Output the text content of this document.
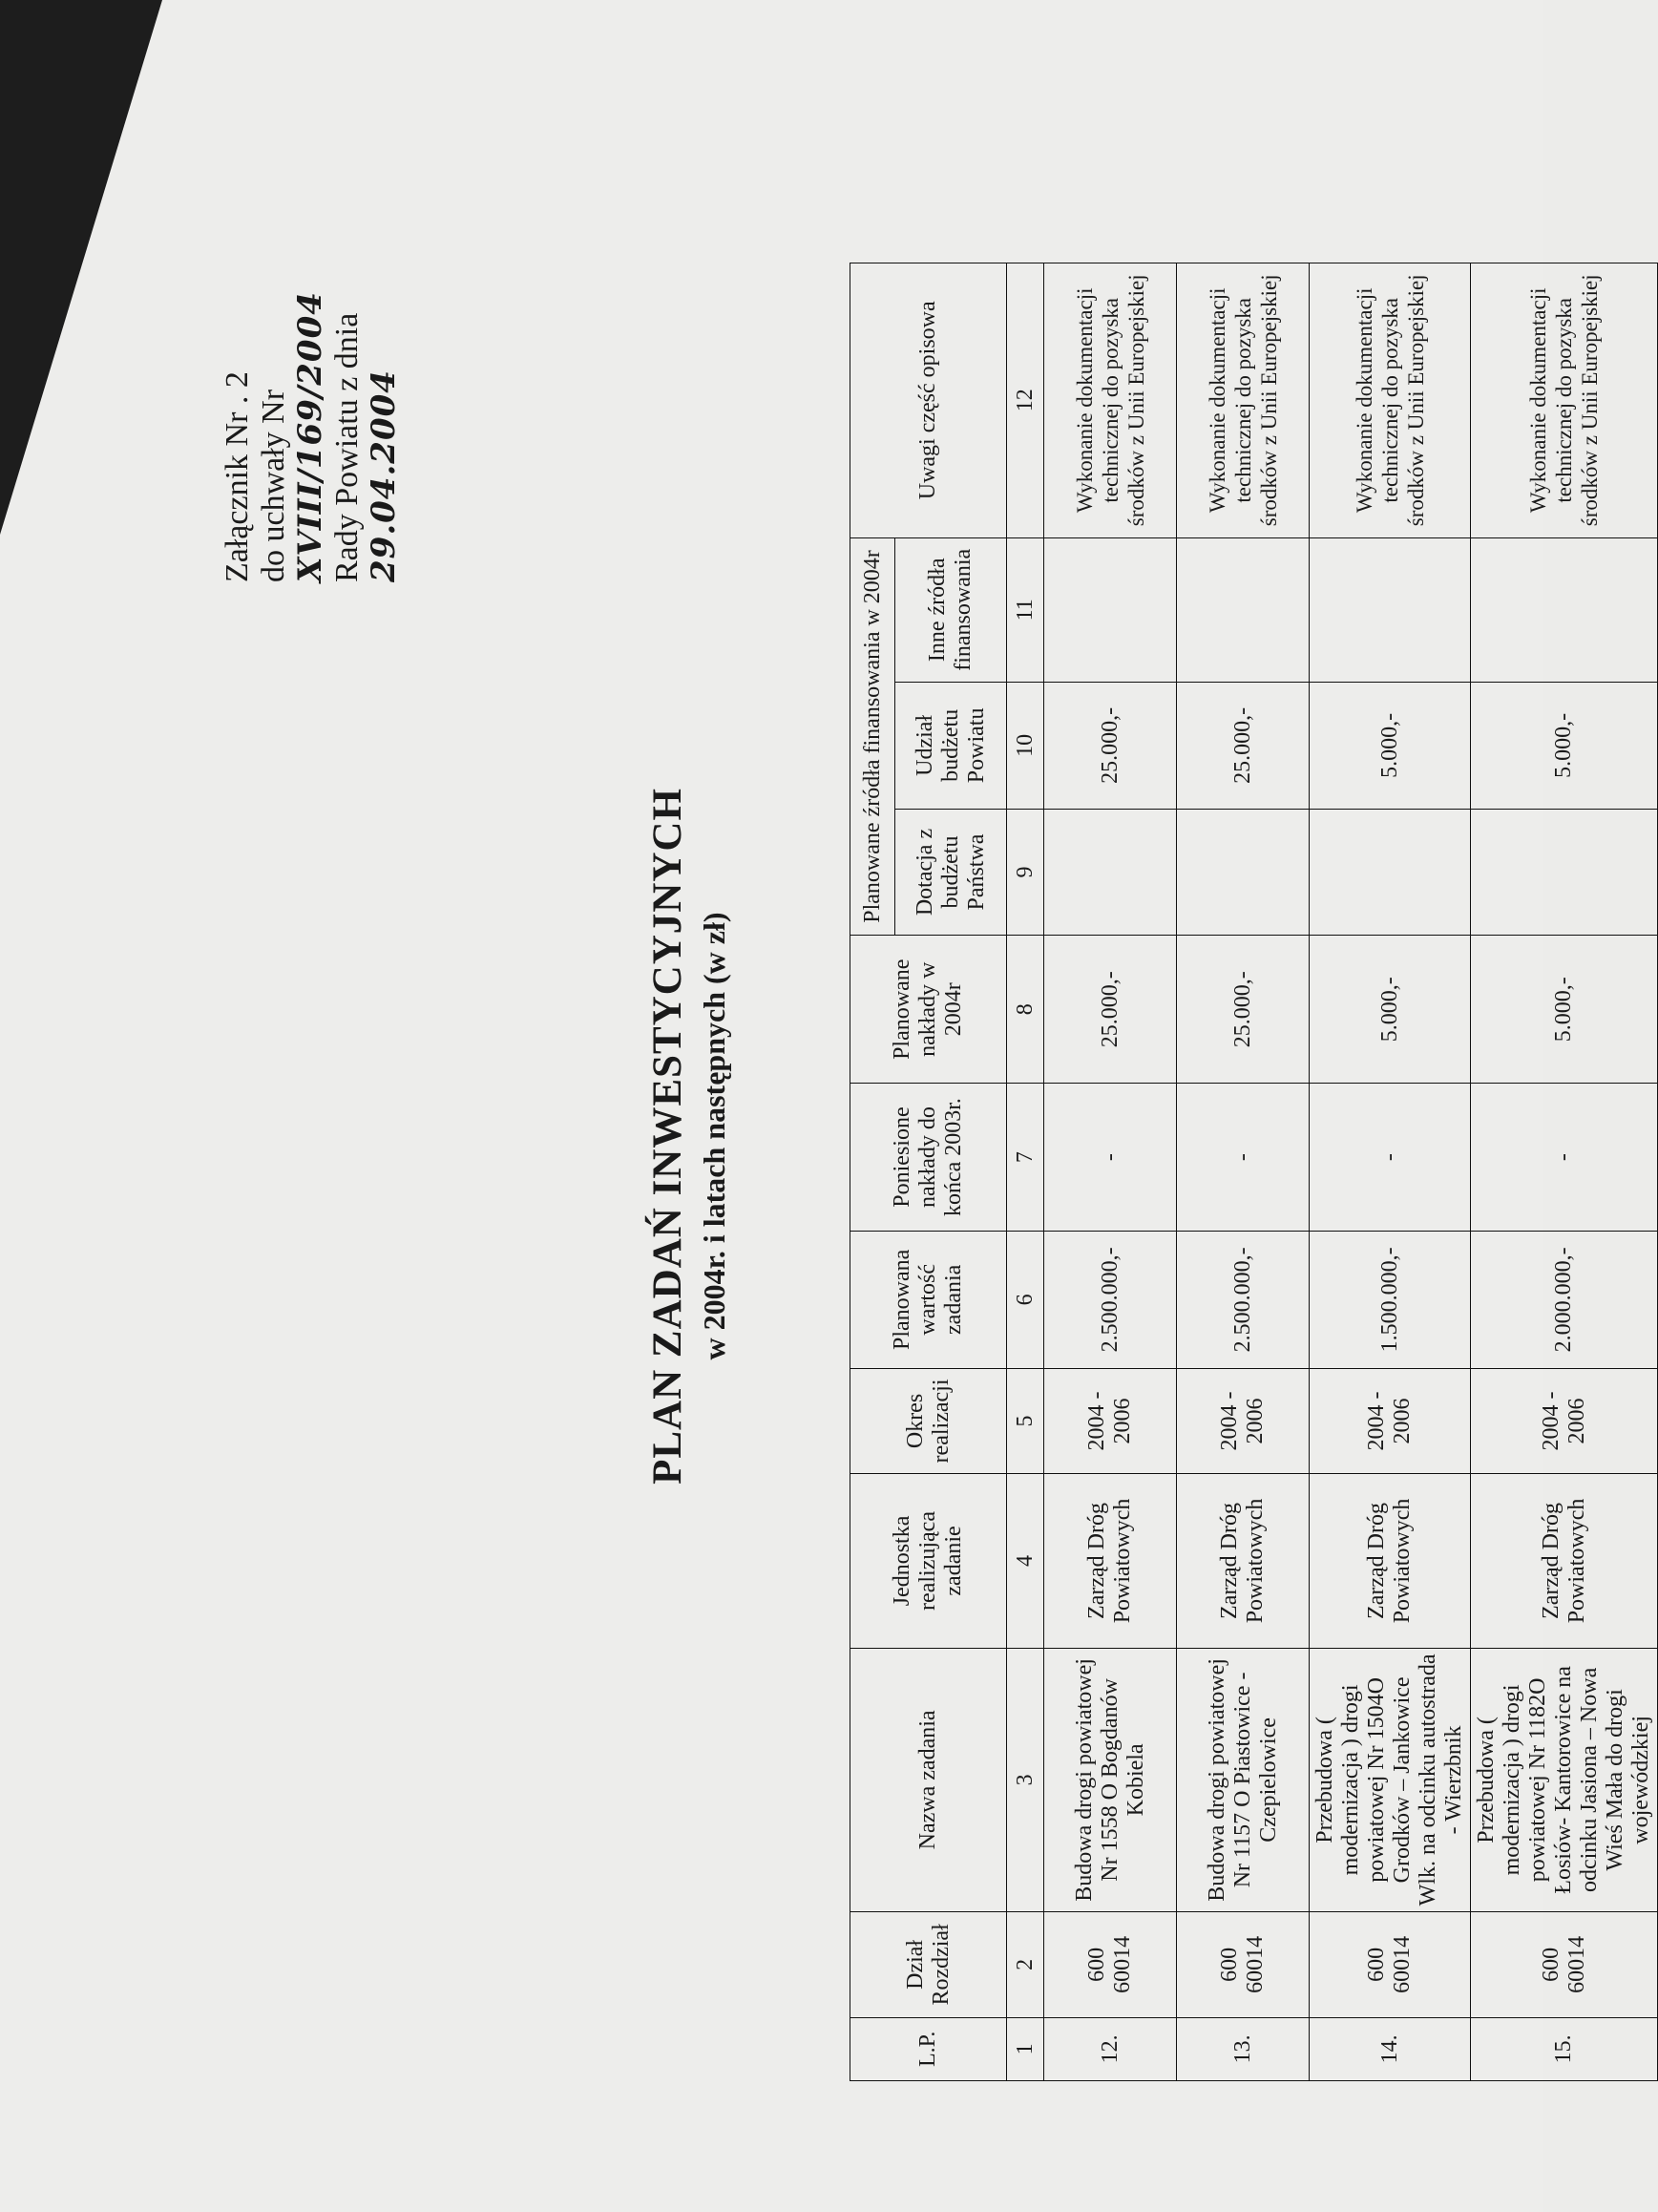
Załącznik Nr . 2 do uchwały Nr XVIII/169/2004 Rady Powiatu z dnia 29.04.2004
PLAN ZADAŃ INWESTYCYJNYCH w 2004r. i latach następnych (w zł)
L.P.	Dział Rozdział	Nazwa zadania	Jednostka realizująca zadanie	Okres realizacji	Planowana wartość zadania	Poniesione nakłady do końca 2003r.	Planowane nakłady w 2004r	Planowane źródła finansowania w 2004r			Uwagi część opisowa
								Dotacja z budżetu Państwa	Udział budżetu Powiatu	Inne źródła finansowania	
1	2	3	4	5	6	7	8	9	10	11	12
12.	600 60014	Budowa drogi powiatowej Nr 1558 O Bogdanów Kobiela	Zarząd Dróg Powiatowych	2004 - 2006	2.500.000,-	-	25.000,-		25.000,-		Wykonanie dokumentacji technicznej do pozyska środków z Unii Europejskiej
13.	600 60014	Budowa drogi powiatowej Nr 1157 O Piastowice - Czepielowice	Zarząd Dróg Powiatowych	2004 - 2006	2.500.000,-	-	25.000,-		25.000,-		Wykonanie dokumentacji technicznej do pozyska środków z Unii Europejskiej
14.	600 60014	Przebudowa ( modernizacja ) drogi powiatowej Nr 1504O Grodków – Jankowice Wlk. na odcinku autostrada - Wierzbnik	Zarząd Dróg Powiatowych	2004 - 2006	1.500.000,-	-	5.000,-		5.000,-		Wykonanie dokumentacji technicznej do pozyska środków z Unii Europejskiej
15.	600 60014	Przebudowa ( modernizacja ) drogi powiatowej Nr 1182O Łosiów- Kantorowice na odcinku Jasiona – Nowa Wieś Mała do drogi wojewódzkiej	Zarząd Dróg Powiatowych	2004 - 2006	2.000.000,-	-	5.000,-		5.000,-		Wykonanie dokumentacji technicznej do pozyska środków z Unii Europejskiej
